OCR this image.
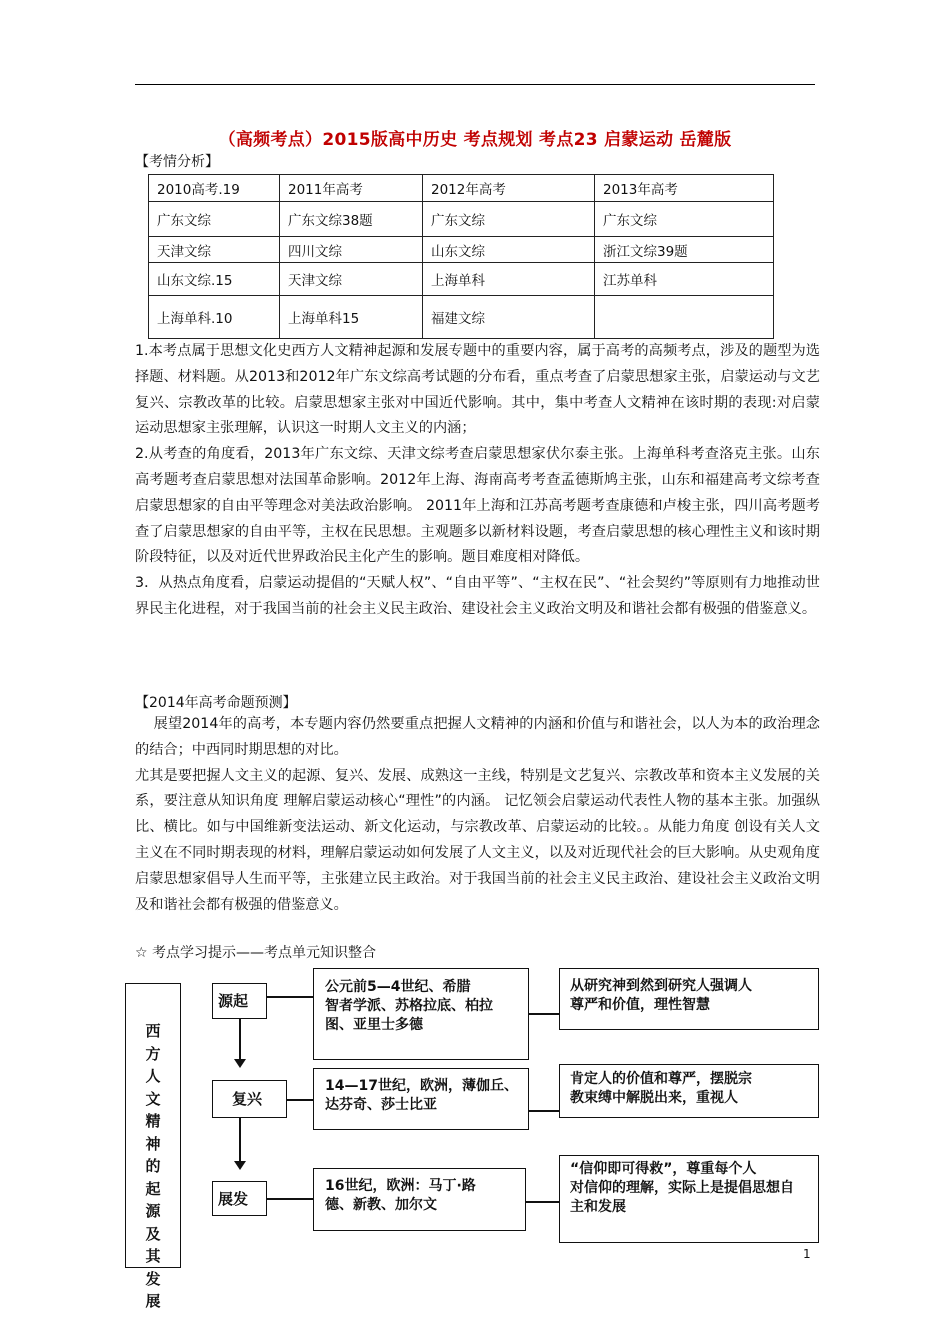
（高频考点）2015版高中历史 考点规划 考点23 启蒙运动 岳麓版
【考情分析】
2010高考.19	2011年高考	2012年高考	2013年高考
广东文综	广东文综38题	广东文综	广东文综
天津文综	四川文综	山东文综	浙江文综39题
山东文综.15	天津文综	上海单科	江苏单科
上海单科.10	上海单科15	福建文综	

1.本考点属于思想文化史西方人文精神起源和发展专题中的重要内容，属于高考的高频考点，涉及的题型为选择题、材料题。从2013和2012年广东文综高考试题的分布看，重点考查了启蒙思想家主张，启蒙运动与文艺复兴、宗教改革的比较。启蒙思想家主张对中国近代影响。其中，集中考查人文精神在该时期的表现:对启蒙运动思想家主张理解，认识这一时期人文主义的内涵；

2.从考查的角度看，2013年广东文综、天津文综考查启蒙思想家伏尔泰主张。上海单科考查洛克主张。山东高考题考查启蒙思想对法国革命影响。2012年上海、海南高考考查孟德斯鸠主张，山东和福建高考文综考查启蒙思想家的自由平等理念对美法政治影响。 2011年上海和江苏高考题考查康德和卢梭主张，四川高考题考查了启蒙思想家的自由平等，主权在民思想。主观题多以新材料设题，考查启蒙思想的核心理性主义和该时期阶段特征，以及对近代世界政治民主化产生的影响。题目难度相对降低。

3．从热点角度看，启蒙运动提倡的“天赋人权”、“自由平等”、“主权在民”、“社会契约”等原则有力地推动世界民主化进程，对于我国当前的社会主义民主政治、建设社会主义政治文明及和谐社会都有极强的借鉴意义。

【2014年高考命题预测】

展望2014年的高考，本专题内容仍然要重点把握人文精神的内涵和价值与和谐社会，以人为本的政治理念的结合；中西同时期思想的对比。

尤其是要把握人文主义的起源、复兴、发展、成熟这一主线，特别是文艺复兴、宗教改革和资本主义发展的关系，要注意从知识角度 理解启蒙运动核心“理性”的内涵。 记忆领会启蒙运动代表性人物的基本主张。加强纵比、横比。如与中国维新变法运动、新文化运动，与宗教改革、启蒙运动的比较。。从能力角度 创设有关人文主义在不同时期表现的材料，理解启蒙运动如何发展了人文主义，以及对近现代社会的巨大影响。从史观角度 启蒙思想家倡导人生而平等，主张建立民主政治。对于我国当前的社会主义民主政治、建设社会主义政治文明及和谐社会都有极强的借鉴意义。

☆ 考点学习提示——考点单元知识整合
西
方
人
文
精
神
的
起
源
及
其
发
展
源起
公元前5—4世纪、希腊
智者学派、苏格拉底、柏拉
图、亚里士多德
从研究神到然到研究人强调人
尊严和价值，理性智慧
复兴
14—17世纪，欧洲，薄伽丘、
达芬奇、莎士比亚
肯定人的价值和尊严，摆脱宗
教束缚中解脱出来，重视人
展发
16世纪，欧洲：马丁·路
德、新教、加尔文
“信仰即可得救”，尊重每个人
对信仰的理解，实际上是提倡思想自
主和发展
1
